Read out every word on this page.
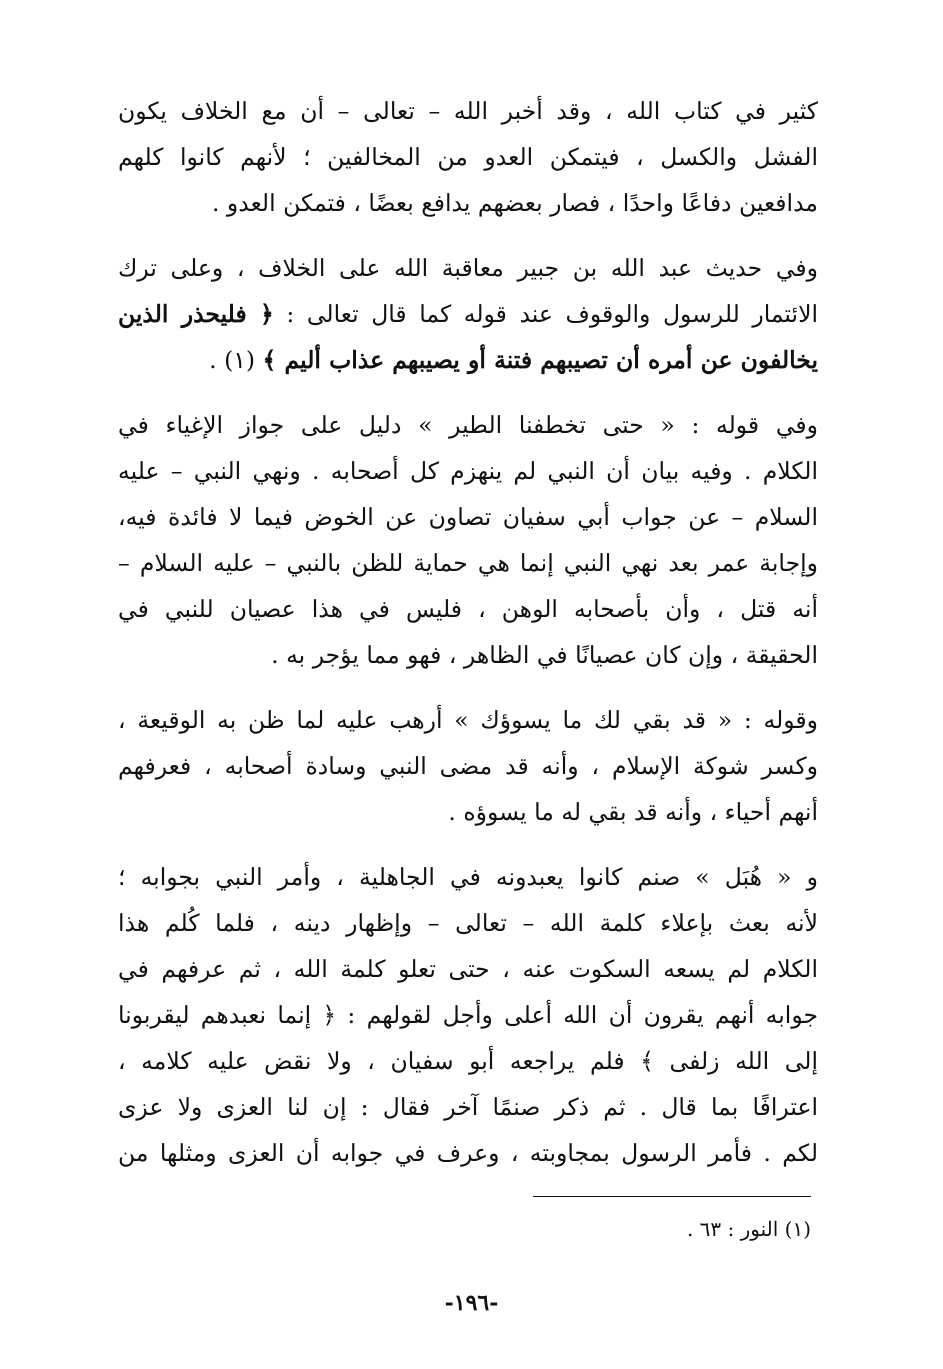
كثير في كتاب الله ، وقد أخبر الله – تعالى – أن مع الخلاف يكون
الفشل والكسل ، فيتمكن العدو من المخالفين ؛ لأنهم كانوا كلهم
مدافعين دفاعًا واحدًا ، فصار بعضهم يدافع بعضًا ، فتمكن العدو .

وفي حديث عبد الله بن جبير معاقبة الله على الخلاف ، وعلى ترك
الائتمار للرسول والوقوف عند قوله كما قال تعالى : ﴿ فليحذر الذين
يخالفون عن أمره أن تصيبهم فتنة أو يصيبهم عذاب أليم ﴾ (١) .

وفي قوله : « حتى تخطفنا الطير » دليل على جواز الإغياء في
الكلام . وفيه بيان أن النبي لم ينهزم كل أصحابه . ونهي النبي – عليه
السلام – عن جواب أبي سفيان تصاون عن الخوض فيما لا فائدة فيه،
وإجابة عمر بعد نهي النبي إنما هي حماية للظن بالنبي – عليه السلام –
أنه قتل ، وأن بأصحابه الوهن ، فليس في هذا عصيان للنبي في
الحقيقة ، وإن كان عصيانًا في الظاهر ، فهو مما يؤجر به .

وقوله : « قد بقي لك ما يسوؤك » أرهب عليه لما ظن به الوقيعة ،
وكسر شوكة الإسلام ، وأنه قد مضى النبي وسادة أصحابه ، فعرفهم
أنهم أحياء ، وأنه قد بقي له ما يسوؤه .

و « هُبَل » صنم كانوا يعبدونه في الجاهلية ، وأمر النبي بجوابه ؛
لأنه بعث بإعلاء كلمة الله – تعالى – وإظهار دينه ، فلما كُلم هذا
الكلام لم يسعه السكوت عنه ، حتى تعلو كلمة الله ، ثم عرفهم في
جوابه أنهم يقرون أن الله أعلى وأجل لقولهم : ﴿ إنما نعبدهم ليقربونا
إلى الله زلفى ﴾ فلم يراجعه أبو سفيان ، ولا نقض عليه كلامه ،
اعترافًا بما قال . ثم ذكر صنمًا آخر فقال : إن لنا العزى ولا عزى
لكم . فأمر الرسول بمجاوبته ، وعرف في جوابه أن العزى ومثلها من

(١) النور : ٦٣ .
-١٩٦-
